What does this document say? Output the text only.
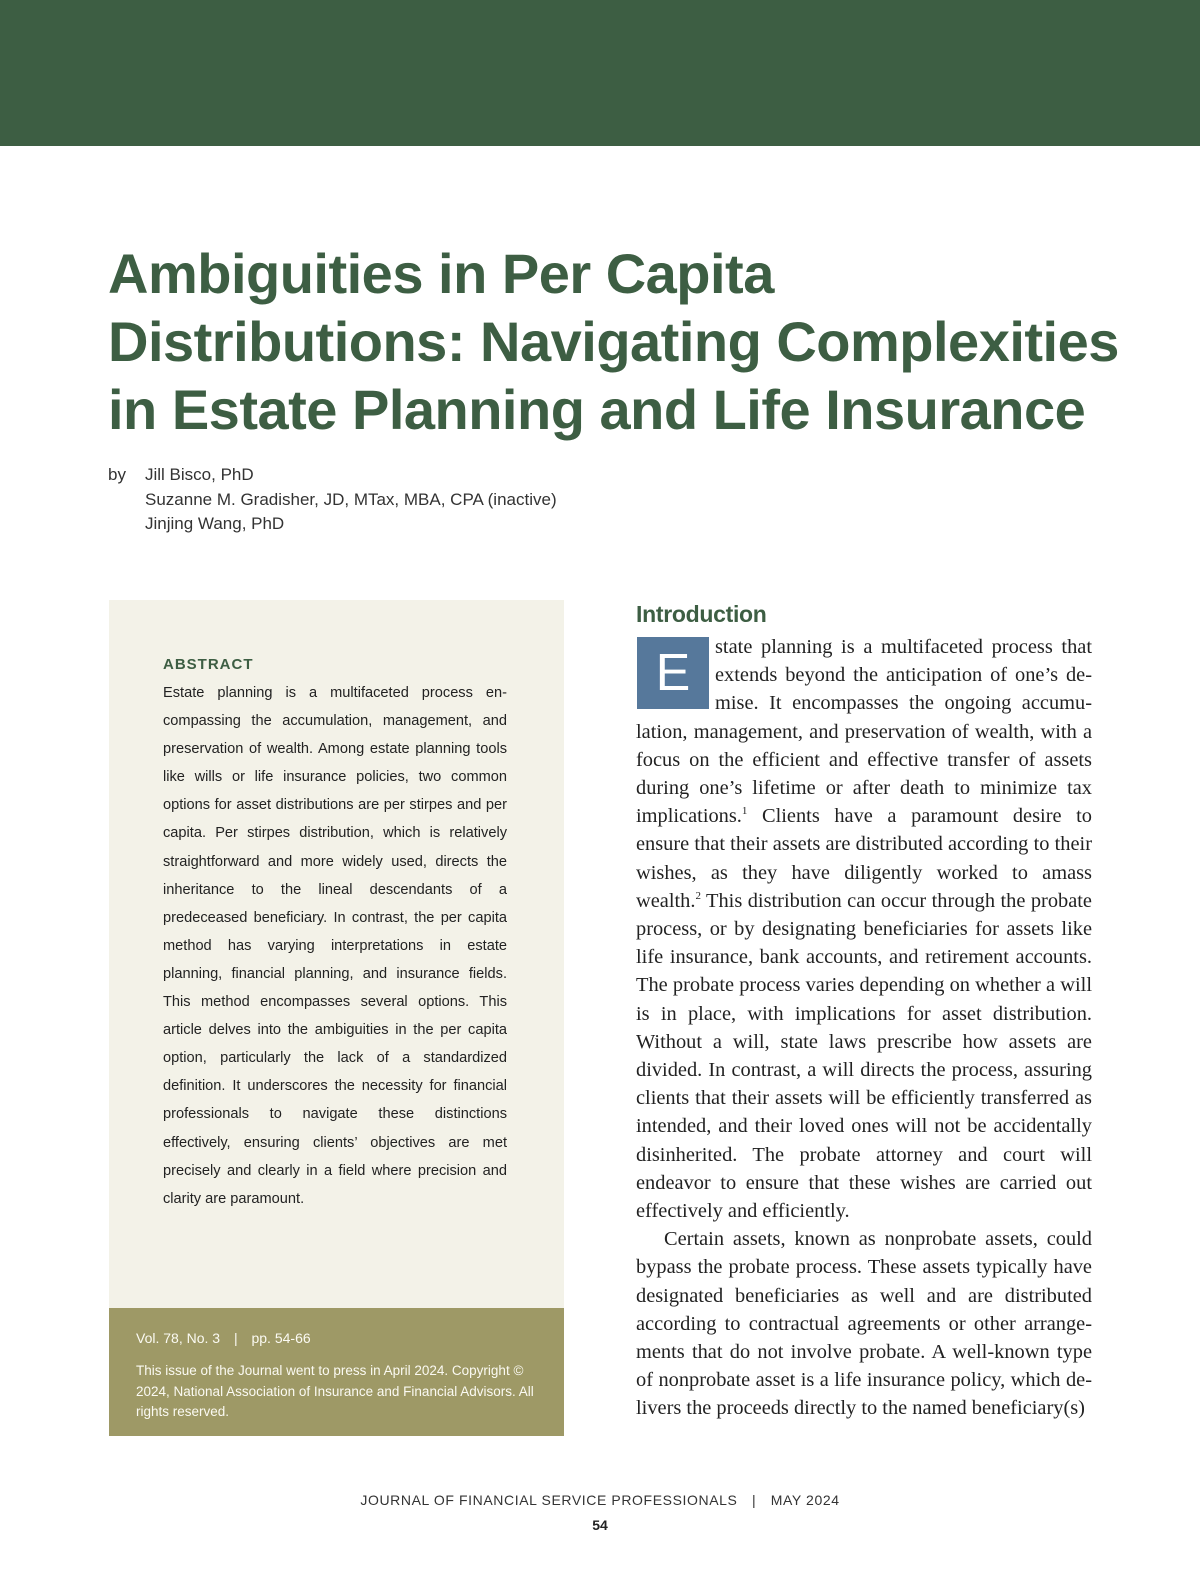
Ambiguities in Per Capita Distributions: Navigating Complexities in Estate Planning and Life Insurance
by	Jill Bisco, PhD
Suzanne M. Gradisher, JD, MTax, MBA, CPA (inactive)
Jinjing Wang, PhD
ABSTRACT

Estate planning is a multifaceted process encompassing the accumulation, management, and preservation of wealth. Among estate planning tools like wills or life insurance policies, two common options for asset distributions are per stirpes and per capita. Per stirpes distribution, which is relatively straightforward and more widely used, directs the inheritance to the lineal descendants of a predeceased beneficiary. In contrast, the per capita method has varying interpretations in estate planning, financial planning, and insurance fields. This method encompasses several options. This article delves into the ambiguities in the per capita option, particularly the lack of a standardized definition. It underscores the necessity for financial professionals to navigate these distinctions effectively, ensuring clients’ objectives are met precisely and clearly in a field where precision and clarity are paramount.

Vol. 78, No. 3 | pp. 54-66
This issue of the Journal went to press in April 2024. Copyright © 2024, National Association of Insurance and Financial Advisors. All rights reserved.
Introduction
E	state planning is a multifaceted process that extends beyond the anticipation of one’s demise. It encompasses the ongoing accumulation, management, and preservation of wealth, with a focus on the efficient and effective transfer of assets during one’s lifetime or after death to minimize tax implications.$^1$ Clients have a paramount desire to ensure that their assets are distributed according to their wishes, as they have diligently worked to amass wealth.$^2$ This distribution can occur through the probate process, or by designating beneficiaries for assets like life insurance, bank accounts, and retirement accounts. The probate process varies depending on whether a will is in place, with implications for asset distribution. Without a will, state laws prescribe how assets are divided. In contrast, a will directs the process, assuring clients that their assets will be efficiently transferred as intended, and their loved ones will not be accidentally disinherited. The probate attorney and court will endeavor to ensure that these wishes are carried out effectively and efficiently.

Certain assets, known as nonprobate assets, could bypass the probate process. These assets typically have designated beneficiaries as well and are distributed according to contractual agreements or other arrangements that do not involve probate. A well-known type of nonprobate asset is a life insurance policy, which delivers the proceeds directly to the named beneficiary(s)

JOURNAL OF FINANCIAL SERVICE PROFESSIONALS | MAY 2024
54
